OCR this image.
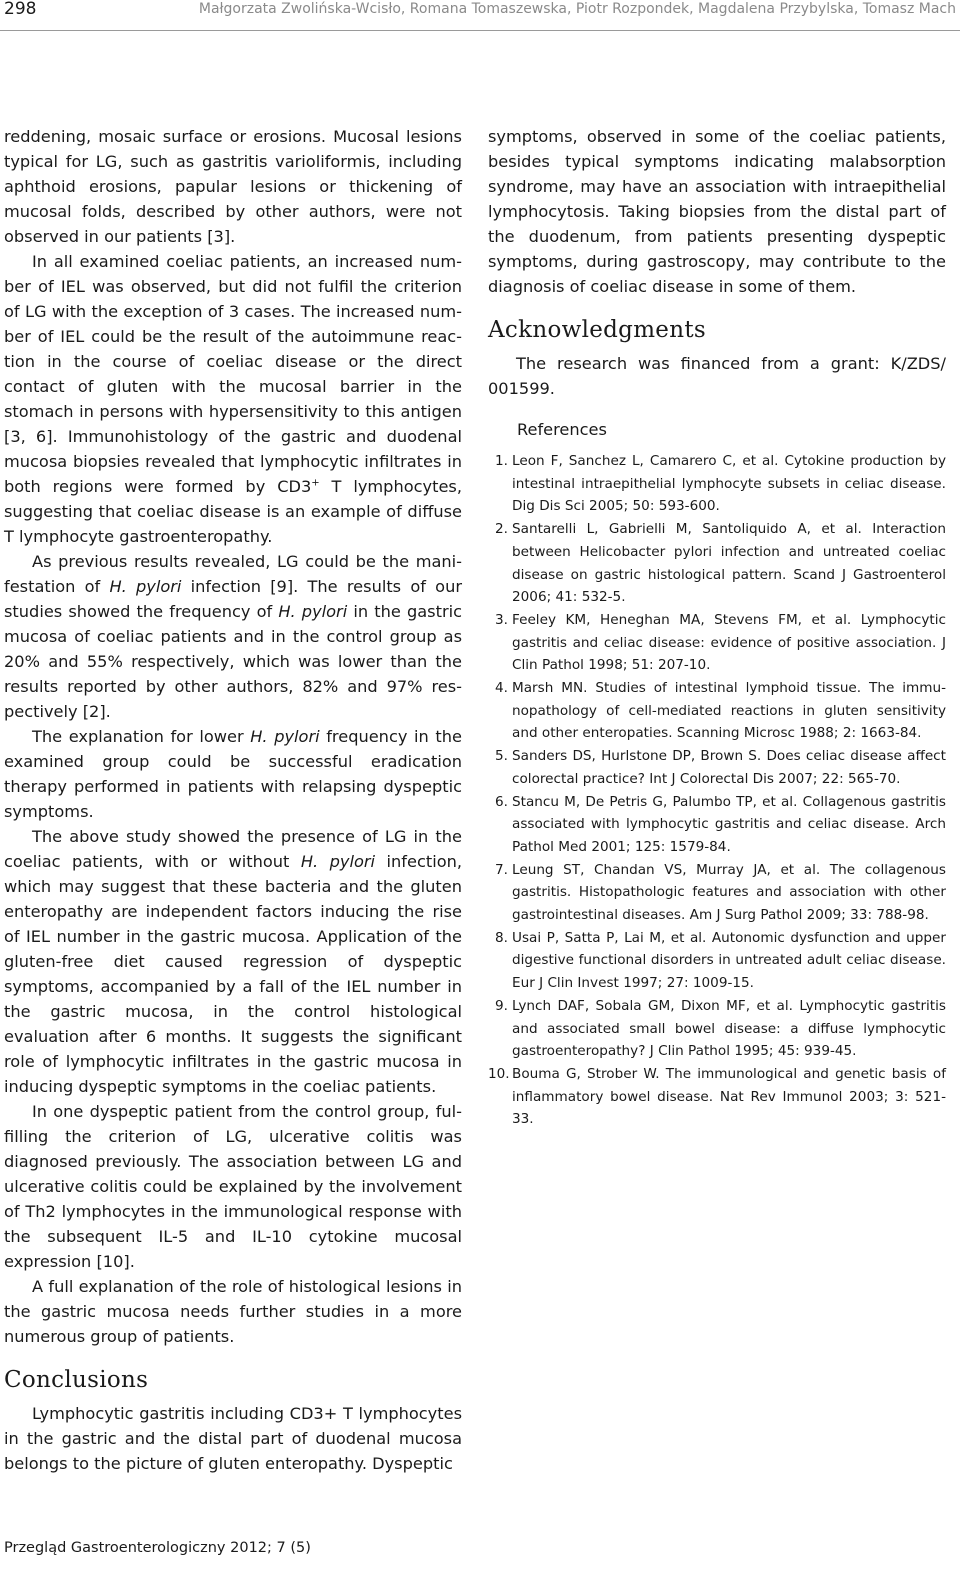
298	Małgorzata Zwolińska-Wcisło, Romana Tomaszewska, Piotr Rozpondek, Magdalena Przybylska, Tomasz Mach

reddening, mosaic surface or erosions. Mucosal lesions typical for LG, such as gastritis varioliformis, including aphthoid erosions, papular lesions or thickening of mucosal folds, described by other authors, were not observed in our patients [3].

In all examined coeliac patients, an increased number of IEL was observed, but did not fulfil the criterion of LG with the exception of 3 cases. The increased number of IEL could be the result of the autoimmune reaction in the course of coeliac disease or the direct contact of gluten with the mucosal barrier in the stomach in persons with hypersensitivity to this antigen [3, 6]. Immunohistology of the gastric and duodenal mucosa biopsies revealed that lymphocytic infiltrates in both regions were formed by CD3+ T lymphocytes, suggesting that coeliac disease is an example of diffuse T lymphocyte gastroenteropathy.

As previous results revealed, LG could be the manifestation of H. pylori infection [9]. The results of our studies showed the frequency of H. pylori in the gastric mucosa of coeliac patients and in the control group as 20% and 55% respectively, which was lower than the results reported by other authors, 82% and 97% respectively [2].

The explanation for lower H. pylori frequency in the examined group could be successful eradication therapy performed in patients with relapsing dyspeptic symptoms.

The above study showed the presence of LG in the coeliac patients, with or without H. pylori infection, which may suggest that these bacteria and the gluten enteropathy are independent factors inducing the rise of IEL number in the gastric mucosa. Application of the gluten-free diet caused regression of dyspeptic symptoms, accompanied by a fall of the IEL number in the gastric mucosa, in the control histological evaluation after 6 months. It suggests the significant role of lymphocytic infiltrates in the gastric mucosa in inducing dyspeptic symptoms in the coeliac patients.

In one dyspeptic patient from the control group, fulfilling the criterion of LG, ulcerative colitis was diagnosed previously. The association between LG and ulcerative colitis could be explained by the involvement of Th2 lymphocytes in the immunological response with the subsequent IL-5 and IL-10 cytokine mucosal expression [10].

A full explanation of the role of histological lesions in the gastric mucosa needs further studies in a more numerous group of patients.

Conclusions

Lymphocytic gastritis including CD3+ T lymphocytes in the gastric and the distal part of duodenal mucosa belongs to the picture of gluten enteropathy. Dyspeptic

symptoms, observed in some of the coeliac patients, besides typical symptoms indicating malabsorption syndrome, may have an association with intraepithelial lymphocytosis. Taking biopsies from the distal part of the duodenum, from patients presenting dyspeptic symptoms, during gastroscopy, may contribute to the diagnosis of coeliac disease in some of them.

Acknowledgments

The research was financed from a grant: K/ZDS/ 001599.

References
1. Leon F, Sanchez L, Camarero C, et al. Cytokine production by intestinal intraepithelial lymphocyte subsets in celiac disease. Dig Dis Sci 2005; 50: 593-600.
2. Santarelli L, Gabrielli M, Santoliquido A, et al. Interaction between Helicobacter pylori infection and untreated coeliac disease on gastric histological pattern. Scand J Gastroenterol 2006; 41: 532-5.
3. Feeley KM, Heneghan MA, Stevens FM, et al. Lymphocytic gastritis and celiac disease: evidence of positive association. J Clin Pathol 1998; 51: 207-10.
4. Marsh MN. Studies of intestinal lymphoid tissue. The immunopathology of cell-mediated reactions in gluten sensitivity and other enteropaties. Scanning Microsc 1988; 2: 1663-84.
5. Sanders DS, Hurlstone DP, Brown S. Does celiac disease affect colorectal practice? Int J Colorectal Dis 2007; 22: 565-70.
6. Stancu M, De Petris G, Palumbo TP, et al. Collagenous gastritis associated with lymphocytic gastritis and celiac disease. Arch Pathol Med 2001; 125: 1579-84.
7. Leung ST, Chandan VS, Murray JA, et al. The collagenous gastritis. Histopathologic features and association with other gastrointestinal diseases. Am J Surg Pathol 2009; 33: 788-98.
8. Usai P, Satta P, Lai M, et al. Autonomic dysfunction and upper digestive functional disorders in untreated adult celiac disease. Eur J Clin Invest 1997; 27: 1009-15.
9. Lynch DAF, Sobala GM, Dixon MF, et al. Lymphocytic gastritis and associated small bowel disease: a diffuse lymphocytic gastroenteropathy? J Clin Pathol 1995; 45: 939-45.
10. Bouma G, Strober W. The immunological and genetic basis of inflammatory bowel disease. Nat Rev Immunol 2003; 3: 521-33.
Przegląd Gastroenterologiczny 2012; 7 (5)
